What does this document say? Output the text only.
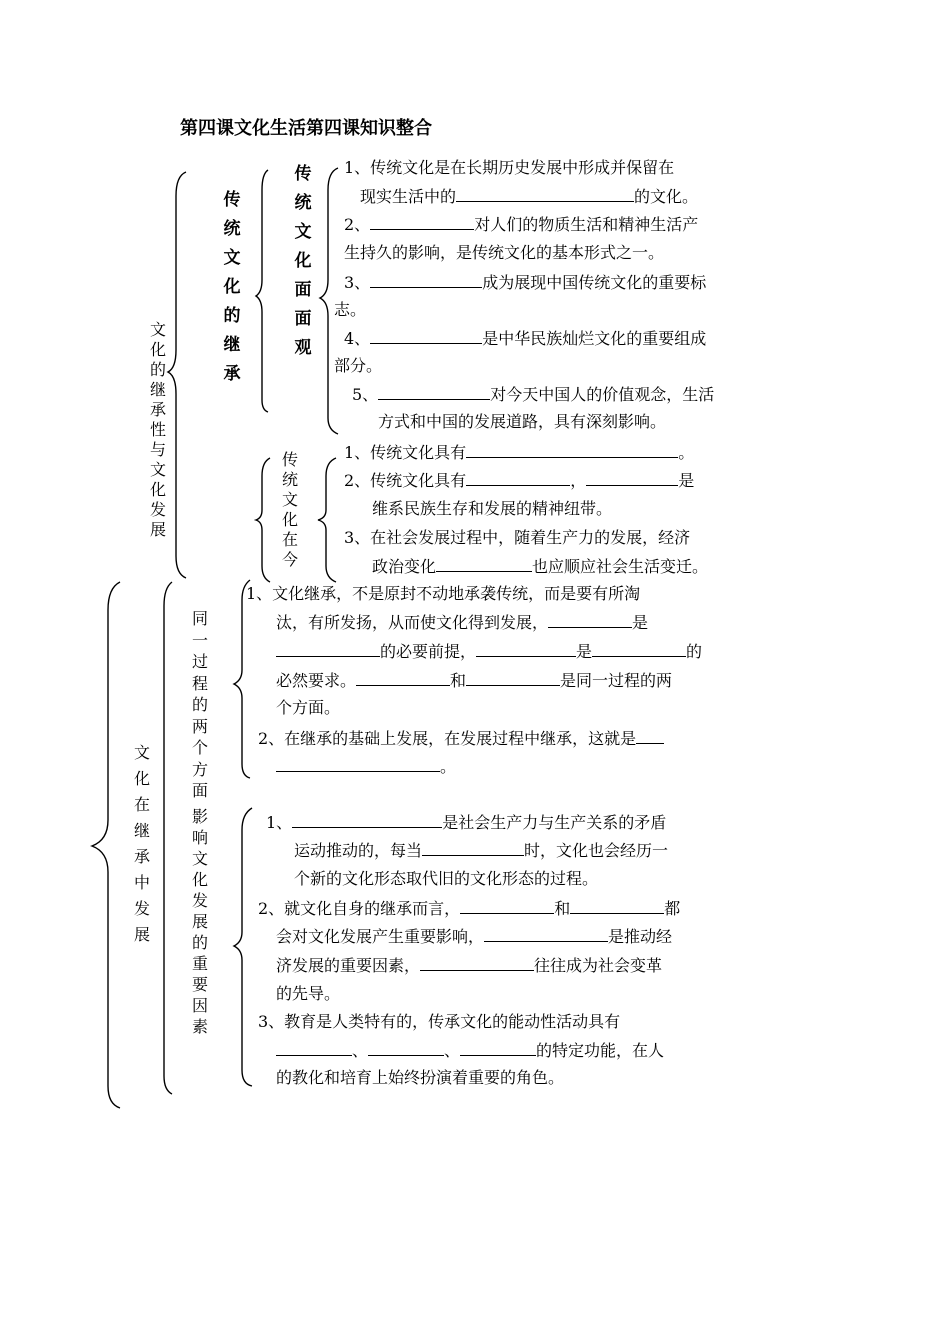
第四课文化生活第四课知识整合
文
化
的
继
承
性
与
文
化
发
展
传
统
文
化
的
继
承
传
统
文
化
面
面
观
传
统
文
化
在
今
文
化
在
继
承
中
发
展
同
一
过
程
的
两
个
方
面
影
响
文
化
发
展
的
重
要
因
素
1、传统文化是在长期历史发展中形成并保留在
现实生活中的	的文化。
2、	对人们的物质生活和精神生活产
生持久的影响，是传统文化的基本形式之一。
3、	成为展现中国传统文化的重要标
志。
4、	是中华民族灿烂文化的重要组成
部分。
5、	对今天中国人的价值观念，生活
方式和中国的发展道路，具有深刻影响。
1、传统文化具有	。
2、传统文化具有	，	是
维系民族生存和发展的精神纽带。
3、在社会发展过程中，随着生产力的发展，经济
政治变化	也应顺应社会生活变迁。
1、文化继承，不是原封不动地承袭传统，而是要有所淘
汰，有所发扬，从而使文化得到发展，	是
的必要前提，	是	的
必然要求。	和	是同一过程的两
个方面。
2、在继承的基础上发展，在发展过程中继承，这就是
。
1、	是社会生产力与生产关系的矛盾
运动推动的，每当	时，文化也会经历一
个新的文化形态取代旧的文化形态的过程。
2、就文化自身的继承而言，	和	都
会对文化发展产生重要影响，	是推动经
济发展的重要因素，	往往成为社会变革
的先导。
3、教育是人类特有的，传承文化的能动性活动具有
、	、	的特定功能，在人
的教化和培育上始终扮演着重要的角色。
